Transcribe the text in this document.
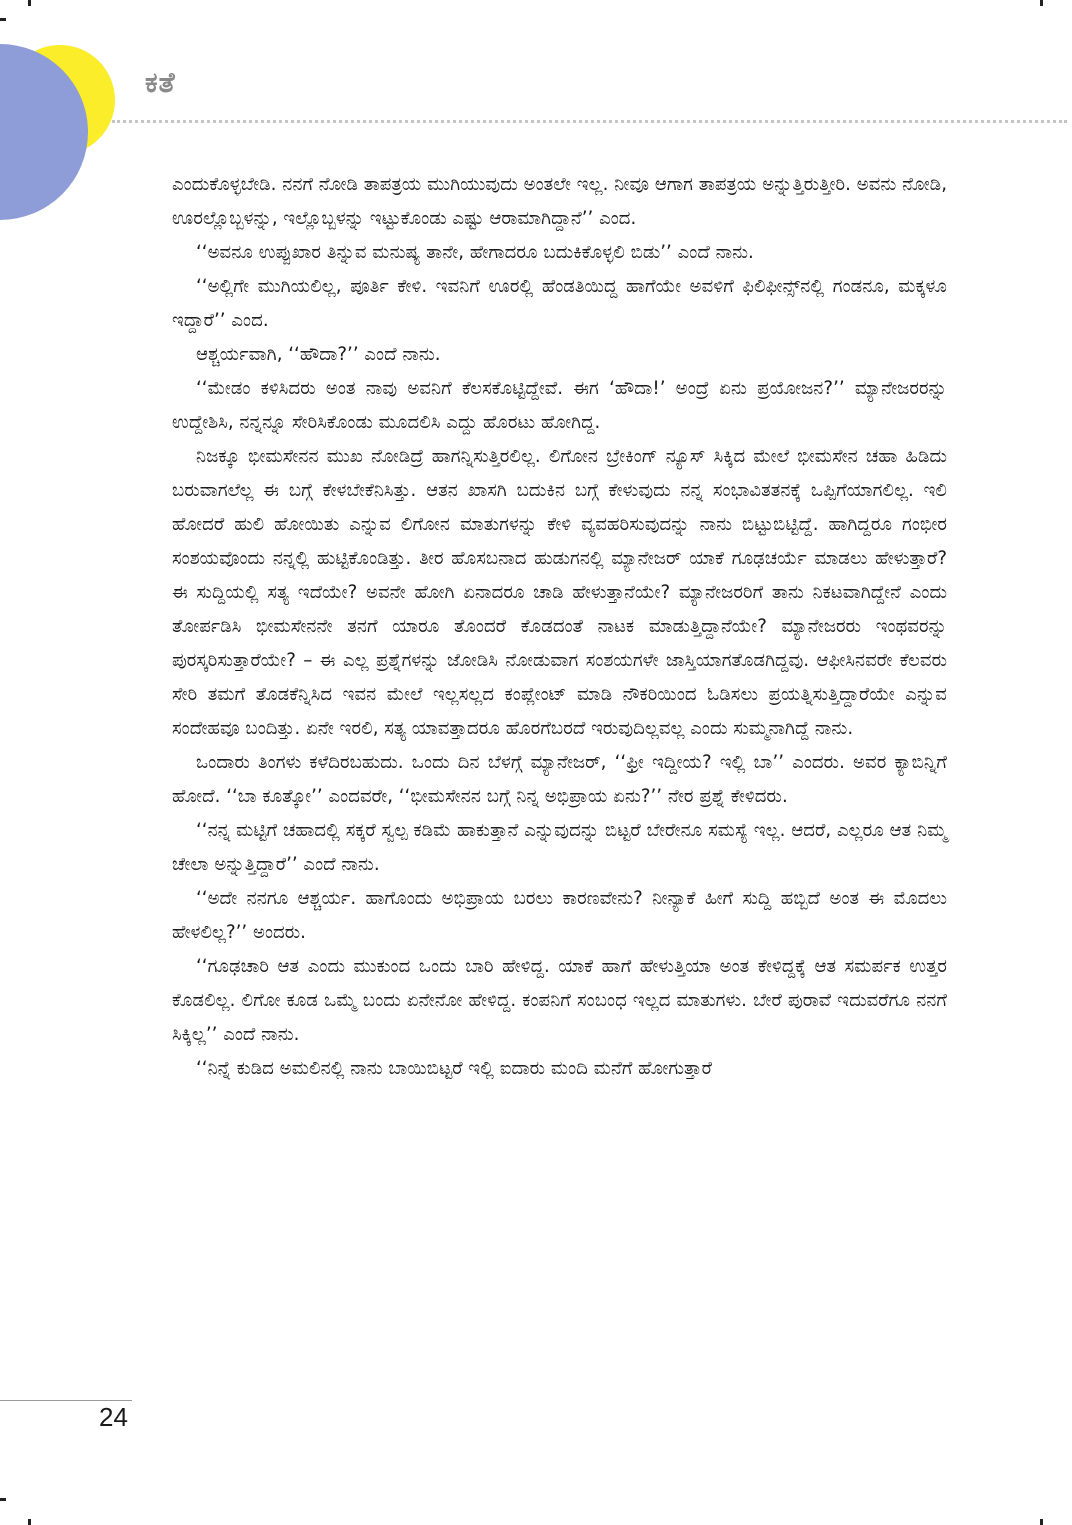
ಕತೆ

ಎಂದುಕೊಳ್ಳಬೇಡಿ. ನನಗೆ ನೋಡಿ ತಾಪತ್ರಯ ಮುಗಿಯುವುದು ಅಂತಲೇ ಇಲ್ಲ. ನೀವೂ ಆಗಾಗ ತಾಪತ್ರಯ ಅನ್ನುತ್ತಿರುತ್ತೀರಿ. ಅವನು ನೋಡಿ, ಊರಲ್ಲೊಬ್ಬಳನ್ನು, ಇಲ್ಲೊಬ್ಬಳನ್ನು ಇಟ್ಟುಕೊಂಡು ಎಷ್ಟು ಆರಾಮಾಗಿದ್ದಾನೆ’’ ಎಂದ.

‘‘ಅವನೂ ಉಪ್ಪುಖಾರ ತಿನ್ನುವ ಮನುಷ್ಯ ತಾನೇ, ಹೇಗಾದರೂ ಬದುಕಿಕೊಳ್ಳಲಿ ಬಿಡು’’ ಎಂದೆ ನಾನು.

‘‘ಅಲ್ಲಿಗೇ ಮುಗಿಯಲಿಲ್ಲ, ಪೂರ್ತಿ ಕೇಳಿ. ಇವನಿಗೆ ಊರಲ್ಲಿ ಹೆಂಡತಿಯಿದ್ದ ಹಾಗೆಯೇ ಅವಳಿಗೆ ಫಿಲಿಫೀನ್ಸ್‌ನಲ್ಲಿ ಗಂಡನೂ, ಮಕ್ಕಳೂ ಇದ್ದಾರೆ’’ ಎಂದ.

ಆಶ್ಚರ್ಯವಾಗಿ, ‘‘ಹೌದಾ?’’ ಎಂದೆ ನಾನು.

‘‘ಮೇಡಂ ಕಳಿಸಿದರು ಅಂತ ನಾವು ಅವನಿಗೆ ಕೆಲಸಕೊಟ್ಟಿದ್ದೇವೆ. ಈಗ ‘ಹೌದಾ!’ ಅಂದ್ರೆ ಏನು ಪ್ರಯೋಜನ?’’ ಮ್ಯಾನೇಜರರನ್ನು ಉದ್ದೇಶಿಸಿ, ನನ್ನನ್ನೂ ಸೇರಿಸಿಕೊಂಡು ಮೂದಲಿಸಿ ಎದ್ದು ಹೊರಟು ಹೋಗಿದ್ದ.

ನಿಜಕ್ಕೂ ಭೀಮಸೇನನ ಮುಖ ನೋಡಿದ್ರೆ ಹಾಗನ್ನಿಸುತ್ತಿರಲಿಲ್ಲ. ಲಿಗೋನ ಬ್ರೇಕಿಂಗ್ ನ್ಯೂಸ್ ಸಿಕ್ಕಿದ ಮೇಲೆ ಭೀಮಸೇನ ಚಹಾ ಹಿಡಿದು ಬರುವಾಗಲೆಲ್ಲ ಈ ಬಗ್ಗೆ ಕೇಳಬೇಕೆನಿಸಿತ್ತು. ಆತನ ಖಾಸಗಿ ಬದುಕಿನ ಬಗ್ಗೆ ಕೇಳುವುದು ನನ್ನ ಸಂಭಾವಿತತನಕ್ಕೆ ಒಪ್ಪಿಗೆಯಾಗಲಿಲ್ಲ. ಇಲಿ ಹೋದರೆ ಹುಲಿ ಹೋಯಿತು ಎನ್ನುವ ಲಿಗೋನ ಮಾತುಗಳನ್ನು ಕೇಳಿ ವ್ಯವಹರಿಸುವುದನ್ನು ನಾನು ಬಿಟ್ಟುಬಿಟ್ಟಿದ್ದೆ. ಹಾಗಿದ್ದರೂ ಗಂಭೀರ ಸಂಶಯವೊಂದು ನನ್ನಲ್ಲಿ ಹುಟ್ಟಿಕೊಂಡಿತ್ತು. ತೀರ ಹೊಸಬನಾದ ಹುಡುಗನಲ್ಲಿ ಮ್ಯಾನೇಜರ್ ಯಾಕೆ ಗೂಢಚರ್ಯೆ ಮಾಡಲು ಹೇಳುತ್ತಾರೆ? ಈ ಸುದ್ದಿಯಲ್ಲಿ ಸತ್ಯ ಇದೆಯೇ? ಅವನೇ ಹೋಗಿ ಏನಾದರೂ ಚಾಡಿ ಹೇಳುತ್ತಾನೆಯೇ? ಮ್ಯಾನೇಜರರಿಗೆ ತಾನು ನಿಕಟವಾಗಿದ್ದೇನೆ ಎಂದು ತೋರ್ಪಡಿಸಿ ಭೀಮಸೇನನೇ ತನಗೆ ಯಾರೂ ತೊಂದರೆ ಕೊಡದಂತೆ ನಾಟಕ ಮಾಡುತ್ತಿದ್ದಾನೆಯೇ? ಮ್ಯಾನೇಜರರು ಇಂಥವರನ್ನು ಪುರಸ್ಕರಿಸುತ್ತಾರೆಯೇ? – ಈ ಎಲ್ಲ ಪ್ರಶ್ನೆಗಳನ್ನು ಜೋಡಿಸಿ ನೋಡುವಾಗ ಸಂಶಯಗಳೇ ಜಾಸ್ತಿಯಾಗತೊಡಗಿದ್ದವು. ಆಫೀಸಿನವರೇ ಕೆಲವರು ಸೇರಿ ತಮಗೆ ತೊಡಕೆನ್ನಿಸಿದ ಇವನ ಮೇಲೆ ಇಲ್ಲಸಲ್ಲದ ಕಂಪ್ಲೇಂಟ್ ಮಾಡಿ ನೌಕರಿಯಿಂದ ಓಡಿಸಲು ಪ್ರಯತ್ನಿಸುತ್ತಿದ್ದಾರೆಯೇ ಎನ್ನುವ ಸಂದೇಹವೂ ಬಂದಿತ್ತು. ಏನೇ ಇರಲಿ, ಸತ್ಯ ಯಾವತ್ತಾದರೂ ಹೊರಗೆಬರದೆ ಇರುವುದಿಲ್ಲವಲ್ಲ ಎಂದು ಸುಮ್ಮನಾಗಿದ್ದೆ ನಾನು.

ಒಂದಾರು ತಿಂಗಳು ಕಳೆದಿರಬಹುದು. ಒಂದು ದಿನ ಬೆಳಗ್ಗೆ ಮ್ಯಾನೇಜರ್, ‘‘ಫ್ರೀ ಇದ್ದೀಯ? ಇಲ್ಲಿ ಬಾ’’ ಎಂದರು. ಅವರ ಕ್ಯಾಬಿನ್ನಿಗೆ ಹೋದೆ. ‘‘ಬಾ ಕೂತ್ಕೋ’’ ಎಂದವರೇ, ‘‘ಭೀಮಸೇನನ ಬಗ್ಗೆ ನಿನ್ನ ಅಭಿಪ್ರಾಯ ಏನು?’’ ನೇರ ಪ್ರಶ್ನೆ ಕೇಳಿದರು.

‘‘ನನ್ನ ಮಟ್ಟಿಗೆ ಚಹಾದಲ್ಲಿ ಸಕ್ಕರೆ ಸ್ವಲ್ಪ ಕಡಿಮೆ ಹಾಕುತ್ತಾನೆ ಎನ್ನುವುದನ್ನು ಬಿಟ್ಟರೆ ಬೇರೇನೂ ಸಮಸ್ಯೆ ಇಲ್ಲ. ಆದರೆ, ಎಲ್ಲರೂ ಆತ ನಿಮ್ಮ ಚೇಲಾ ಅನ್ನುತ್ತಿದ್ದಾರೆ’’ ಎಂದೆ ನಾನು.

‘‘ಅದೇ ನನಗೂ ಆಶ್ಚರ್ಯ. ಹಾಗೊಂದು ಅಭಿಪ್ರಾಯ ಬರಲು ಕಾರಣವೇನು? ನೀನ್ಯಾಕೆ ಹೀಗೆ ಸುದ್ದಿ ಹಬ್ಬಿದೆ ಅಂತ ಈ ಮೊದಲು ಹೇಳಲಿಲ್ಲ?’’ ಅಂದರು.

‘‘ಗೂಢಚಾರಿ ಆತ ಎಂದು ಮುಕುಂದ ಒಂದು ಬಾರಿ ಹೇಳಿದ್ದ. ಯಾಕೆ ಹಾಗೆ ಹೇಳುತ್ತಿಯಾ ಅಂತ ಕೇಳಿದ್ದಕ್ಕೆ ಆತ ಸಮರ್ಪಕ ಉತ್ತರ ಕೊಡಲಿಲ್ಲ. ಲಿಗೋ ಕೂಡ ಒಮ್ಮೆ ಬಂದು ಏನೇನೋ ಹೇಳಿದ್ದ. ಕಂಪನಿಗೆ ಸಂಬಂಧ ಇಲ್ಲದ ಮಾತುಗಳು. ಬೇರೆ ಪುರಾವೆ ಇದುವರೆಗೂ ನನಗೆ ಸಿಕ್ಕಿಲ್ಲ’’ ಎಂದೆ ನಾನು.

‘‘ನಿನ್ನೆ ಕುಡಿದ ಅಮಲಿನಲ್ಲಿ ನಾನು ಬಾಯಿಬಿಟ್ಟರೆ ಇಲ್ಲಿ ಐದಾರು ಮಂದಿ ಮನೆಗೆ ಹೋಗುತ್ತಾರೆ

24
